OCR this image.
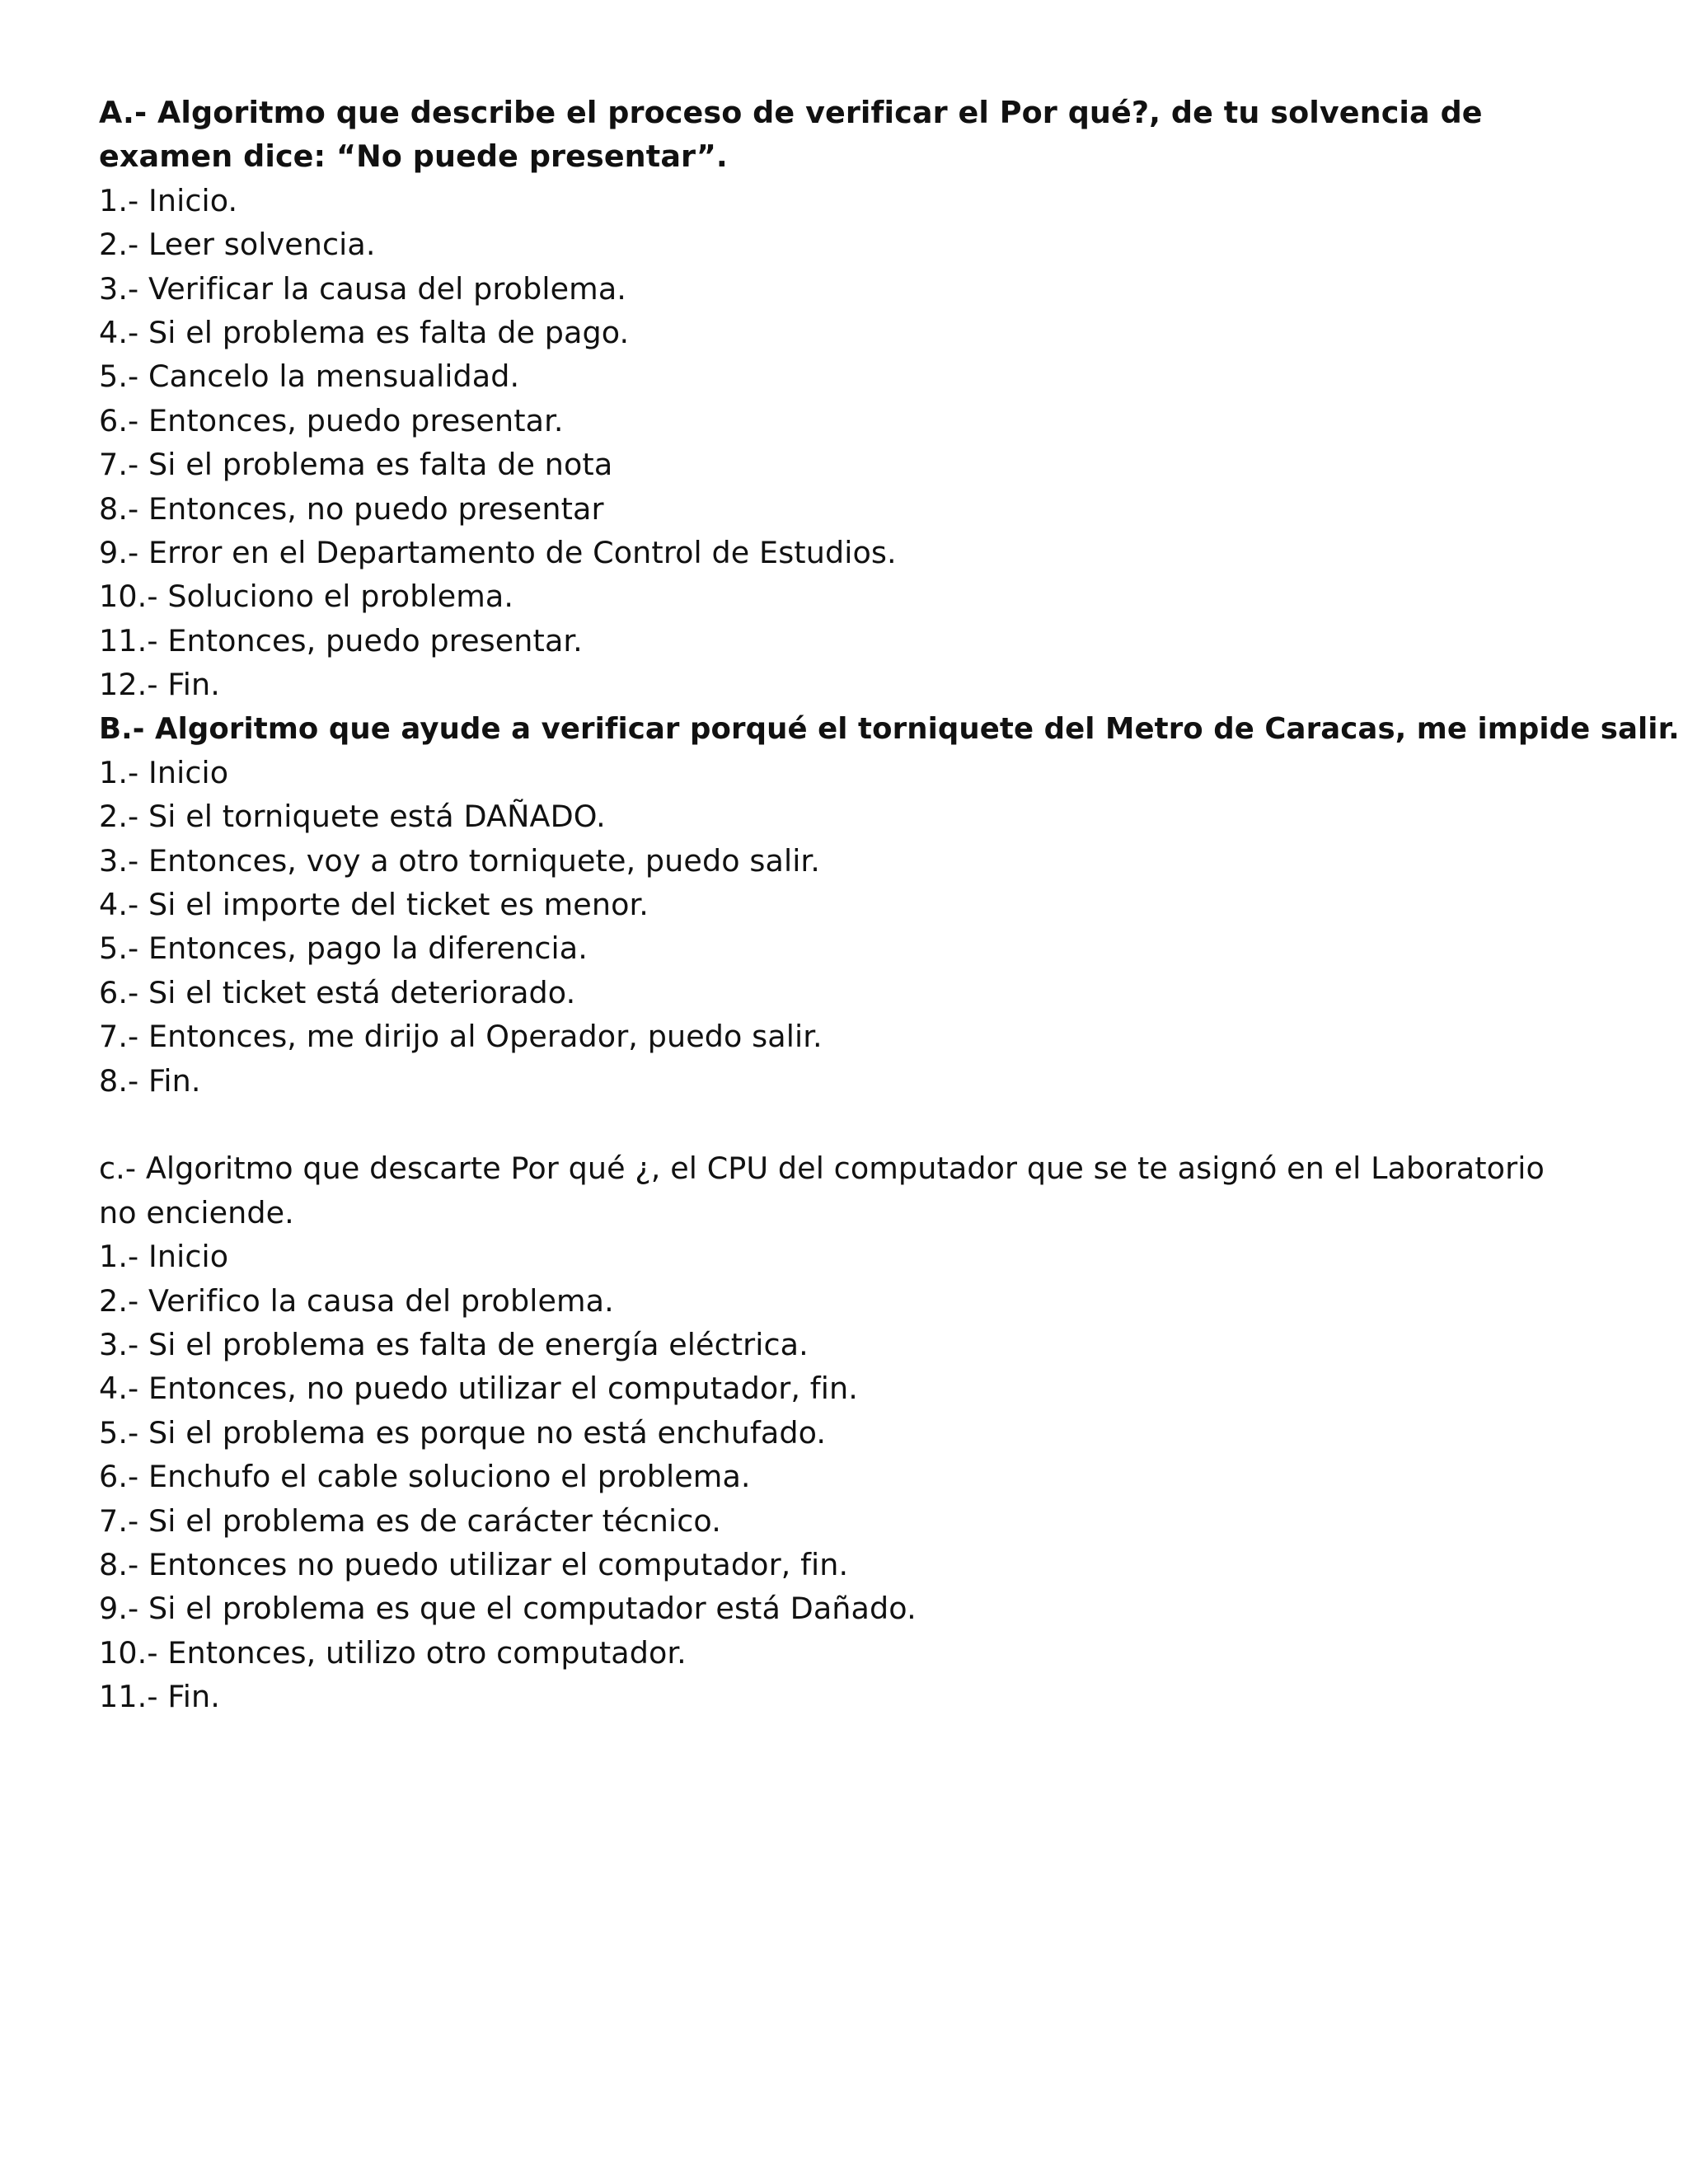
A.- Algoritmo que describe el proceso de verificar el Por qué?, de tu solvencia de examen dice: “No puede presentar”.
1.- Inicio.
2.- Leer solvencia.
3.- Verificar la causa del problema.
4.- Si el problema es falta de pago.
5.- Cancelo la mensualidad.
6.- Entonces, puedo presentar.
7.- Si el problema es falta de nota
8.- Entonces, no puedo presentar
9.- Error en el Departamento de Control de Estudios.
10.- Soluciono el problema.
11.- Entonces, puedo presentar.
12.- Fin.
B.- Algoritmo que ayude a verificar porqué el torniquete del Metro de Caracas, me impide salir.
1.- Inicio
2.- Si el torniquete está DAÑADO.
3.- Entonces, voy a otro torniquete, puedo salir.
4.- Si el importe del ticket es menor.
5.- Entonces, pago la diferencia.
6.- Si el ticket está deteriorado.
7.- Entonces, me dirijo al Operador, puedo salir.
8.- Fin.
c.- Algoritmo que descarte Por qué ¿, el CPU del computador que se te asignó en el Laboratorio no enciende.
1.- Inicio
2.- Verifico la causa del problema.
3.- Si el problema es falta de energía eléctrica.
4.- Entonces, no puedo utilizar el computador, fin.
5.- Si el problema es porque no está enchufado.
6.- Enchufo el cable soluciono el problema.
7.- Si el problema es de carácter técnico.
8.- Entonces no puedo utilizar el computador, fin.
9.- Si el problema es que el computador está Dañado.
10.- Entonces, utilizo otro computador.
11.- Fin.
